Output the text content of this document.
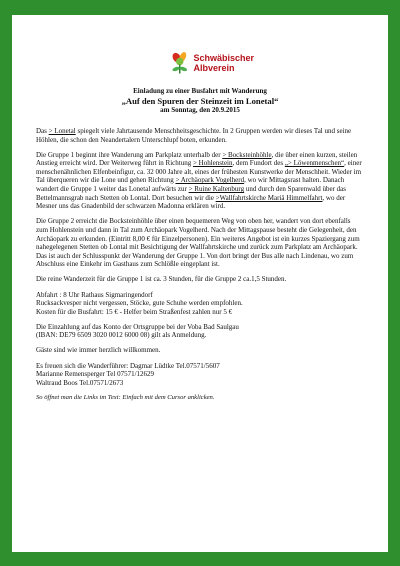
Schwäbischer
Albverein

Einladung zu einer Busfahrt mit Wanderung

„Auf den Spuren der Steinzeit im Lonetal“

am Sonntag, den 20.9.2015

Das > Lonetal spiegelt viele Jahrtausende Menschheitsgeschichte. In 2 Gruppen werden wir dieses Tal und seine Höhlen, die schon den Neandertalern Unterschlupf boten, erkunden.

Die Gruppe 1 beginnt ihre Wanderung am Parkplatz unterhalb der > Bocksteinhöhle, die über einen kurzen, steilen Anstieg erreicht wird. Der Weiterweg führt in Richtung > Hohlenstein, dem Fundort des „> Löwenmenschen“, einer menschenähnlichen Elfenbeinfigur, ca. 32 000 Jahre alt, eines der frühesten Kunstwerke der Menschheit. Wieder im Tal überqueren wir die Lone und gehen Richtung > Archäopark Vogelherd, wo wir Mittagsrast halten. Danach wandert die Gruppe 1 weiter das Lonetal aufwärts zur > Ruine Kaltenburg und durch den Sparenwald über das Bettelmannsgrab nach Stetten ob Lontal. Dort besuchen wir die >Wallfahrtskirche Mariä Himmelfahrt, wo der Mesner uns das Gnadenbild der schwarzen Madonna erklären wird.

Die Gruppe 2 erreicht die Bocksteinhöhle über einen bequemeren Weg von oben her, wandert von dort ebenfalls zum Hohlenstein und dann in Tal zum Archäopark Vogelherd. Nach der Mittagspause besteht die Gelegenheit, den Archäopark zu erkunden. (Eintritt 8,00 € für Einzelpersonen). Ein weiteres Angebot ist ein kurzes Spaziergang zum nahegelegenen Stetten ob Lontal mit Besichtigung der Wallfahrtskirche und zurück zum Parkplatz am Archäopark. Das ist auch der Schlusspunkt der Wanderung der Gruppe 1. Von dort bringt der Bus alle nach Lindenau, wo zum Abschluss eine Einkehr im Gasthaus zum Schlößle eingeplant ist.

Die reine Wanderzeit für die Gruppe 1 ist ca. 3 Stunden, für die Gruppe 2 ca.1,5 Stunden.

Abfahrt : 8 Uhr Rathaus Sigmaringendorf
Rucksackvesper nicht vergessen, Stöcke, gute Schuhe werden empfohlen.
Kosten für die Busfahrt: 15 € - Helfer beim Straßenfest zahlen nur 5 €

Die Einzahlung auf das Konto der Ortsgruppe bei der Voba Bad Saulgau
(IBAN: DE79 6509 3020 0012 6000 08) gilt als Anmeldung.

Gäste sind wie immer herzlich willkommen.

Es freuen sich die Wanderführer: Dagmar Lüdtke Tel.07571/5607
Marianne Remensperger Tel 07571/12629
Waltraud Boos Tel.07571/2673

So öffnet man die Links im Text: Einfach mit dem Cursor anklicken.
